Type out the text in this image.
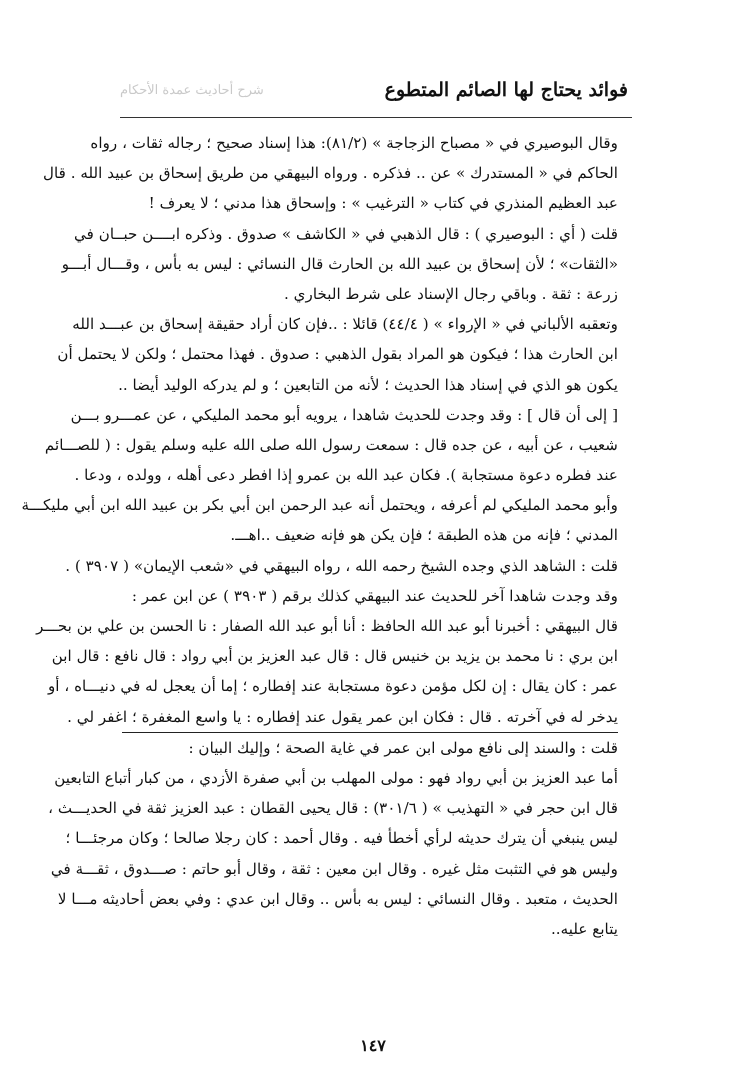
فوائد يحتاج لها الصائم المتطوع
شرح أحاديث عمدة الأحكام
وقال البوصيري في « مصباح الزجاجة » (٨١/٢): هذا إسناد صحيح ؛ رجاله ثقات ، رواه
الحاكم في « المستدرك » عن .. فذكره . ورواه البيهقي من طريق إسحاق بن عبيد الله . قال
عبد العظيم المنذري في كتاب « الترغيب » : وإسحاق هذا مدني ؛ لا يعرف !
قلت ( أي : البوصيري ) : قال الذهبي في « الكاشف » صدوق . وذكره ابــــن حبــان في
«الثقات» ؛ لأن إسحاق بن عبيد الله بن الحارث قال النسائي : ليس به بأس ، وقـــال أبـــو
زرعة : ثقة . وباقي رجال الإسناد على شرط البخاري .
وتعقبه الألباني في « الإرواء » ( ٤٤/٤) قائلا : ..فإن كان أراد حقيقة إسحاق بن عبـــد الله
ابن الحارث هذا ؛ فيكون هو المراد بقول الذهبي : صدوق . فهذا محتمل ؛ ولكن لا يحتمل أن
يكون هو الذي في إسناد هذا الحديث ؛ لأنه من التابعين ؛ و لم يدركه الوليد أيضا ..
[ إلى أن قال ] : وقد وجدت للحديث شاهدا ، يرويه أبو محمد المليكي ، عن عمـــرو بـــن
شعيب ، عن أبيه ، عن جده قال : سمعت رسول الله صلى الله عليه وسلم يقول : ( للصـــائم
عند فطره دعوة مستجابة ). فكان عبد الله بن عمرو إذا افطر دعى أهله ، وولده ، ودعا .
وأبو محمد المليكي لم أعرفه ، ويحتمل أنه عبد الرحمن ابن أبي بكر بن عبيد الله ابن أبي مليكـــة
المدني ؛ فإنه من هذه الطبقة ؛ فإن يكن هو فإنه ضعيف ..اهـــ.
قلت : الشاهد الذي وجده الشيخ رحمه الله ، رواه البيهقي في «شعب الإيمان» ( ٣٩٠٧ ) .
وقد وجدت شاهدا آخر للحديث عند البيهقي كذلك برقم ( ٣٩٠٣ ) عن ابن عمر :
قال البيهقي : أخبرنا أبو عبد الله الحافظ : أنا أبو عبد الله الصفار : نا الحسن بن علي بن بحـــر
ابن بري : نا محمد بن يزيد بن خنيس قال : قال عبد العزيز بن أبي رواد : قال نافع : قال ابن
عمر : كان يقال : إن لكل مؤمن دعوة مستجابة عند إفطاره ؛ إما أن يعجل له في دنيـــاه ، أو
يدخر له في آخرته . قال : فكان ابن عمر يقول عند إفطاره : يا واسع المغفرة ؛ اغفر لي .
قلت : والسند إلى نافع مولى ابن عمر في غاية الصحة ؛ وإليك البيان :
أما عبد العزيز بن أبي رواد فهو : مولى المهلب بن أبي صفرة الأزدي ، من كبار أتباع التابعين
قال ابن حجر في « التهذيب » ( ٣٠١/٦) : قال يحيى القطان : عبد العزيز ثقة في الحديـــث ،
ليس ينبغي أن يترك حديثه لرأي أخطأ فيه . وقال أحمد : كان رجلا صالحا ؛ وكان مرجئـــا ؛
وليس هو في التثبت مثل غيره . وقال ابن معين : ثقة ، وقال أبو حاتم : صـــدوق ، ثقـــة في
الحديث ، متعبد . وقال النسائي : ليس به بأس .. وقال ابن عدي : وفي بعض أحاديثه مـــا لا
يتابع عليه..
١٤٧
